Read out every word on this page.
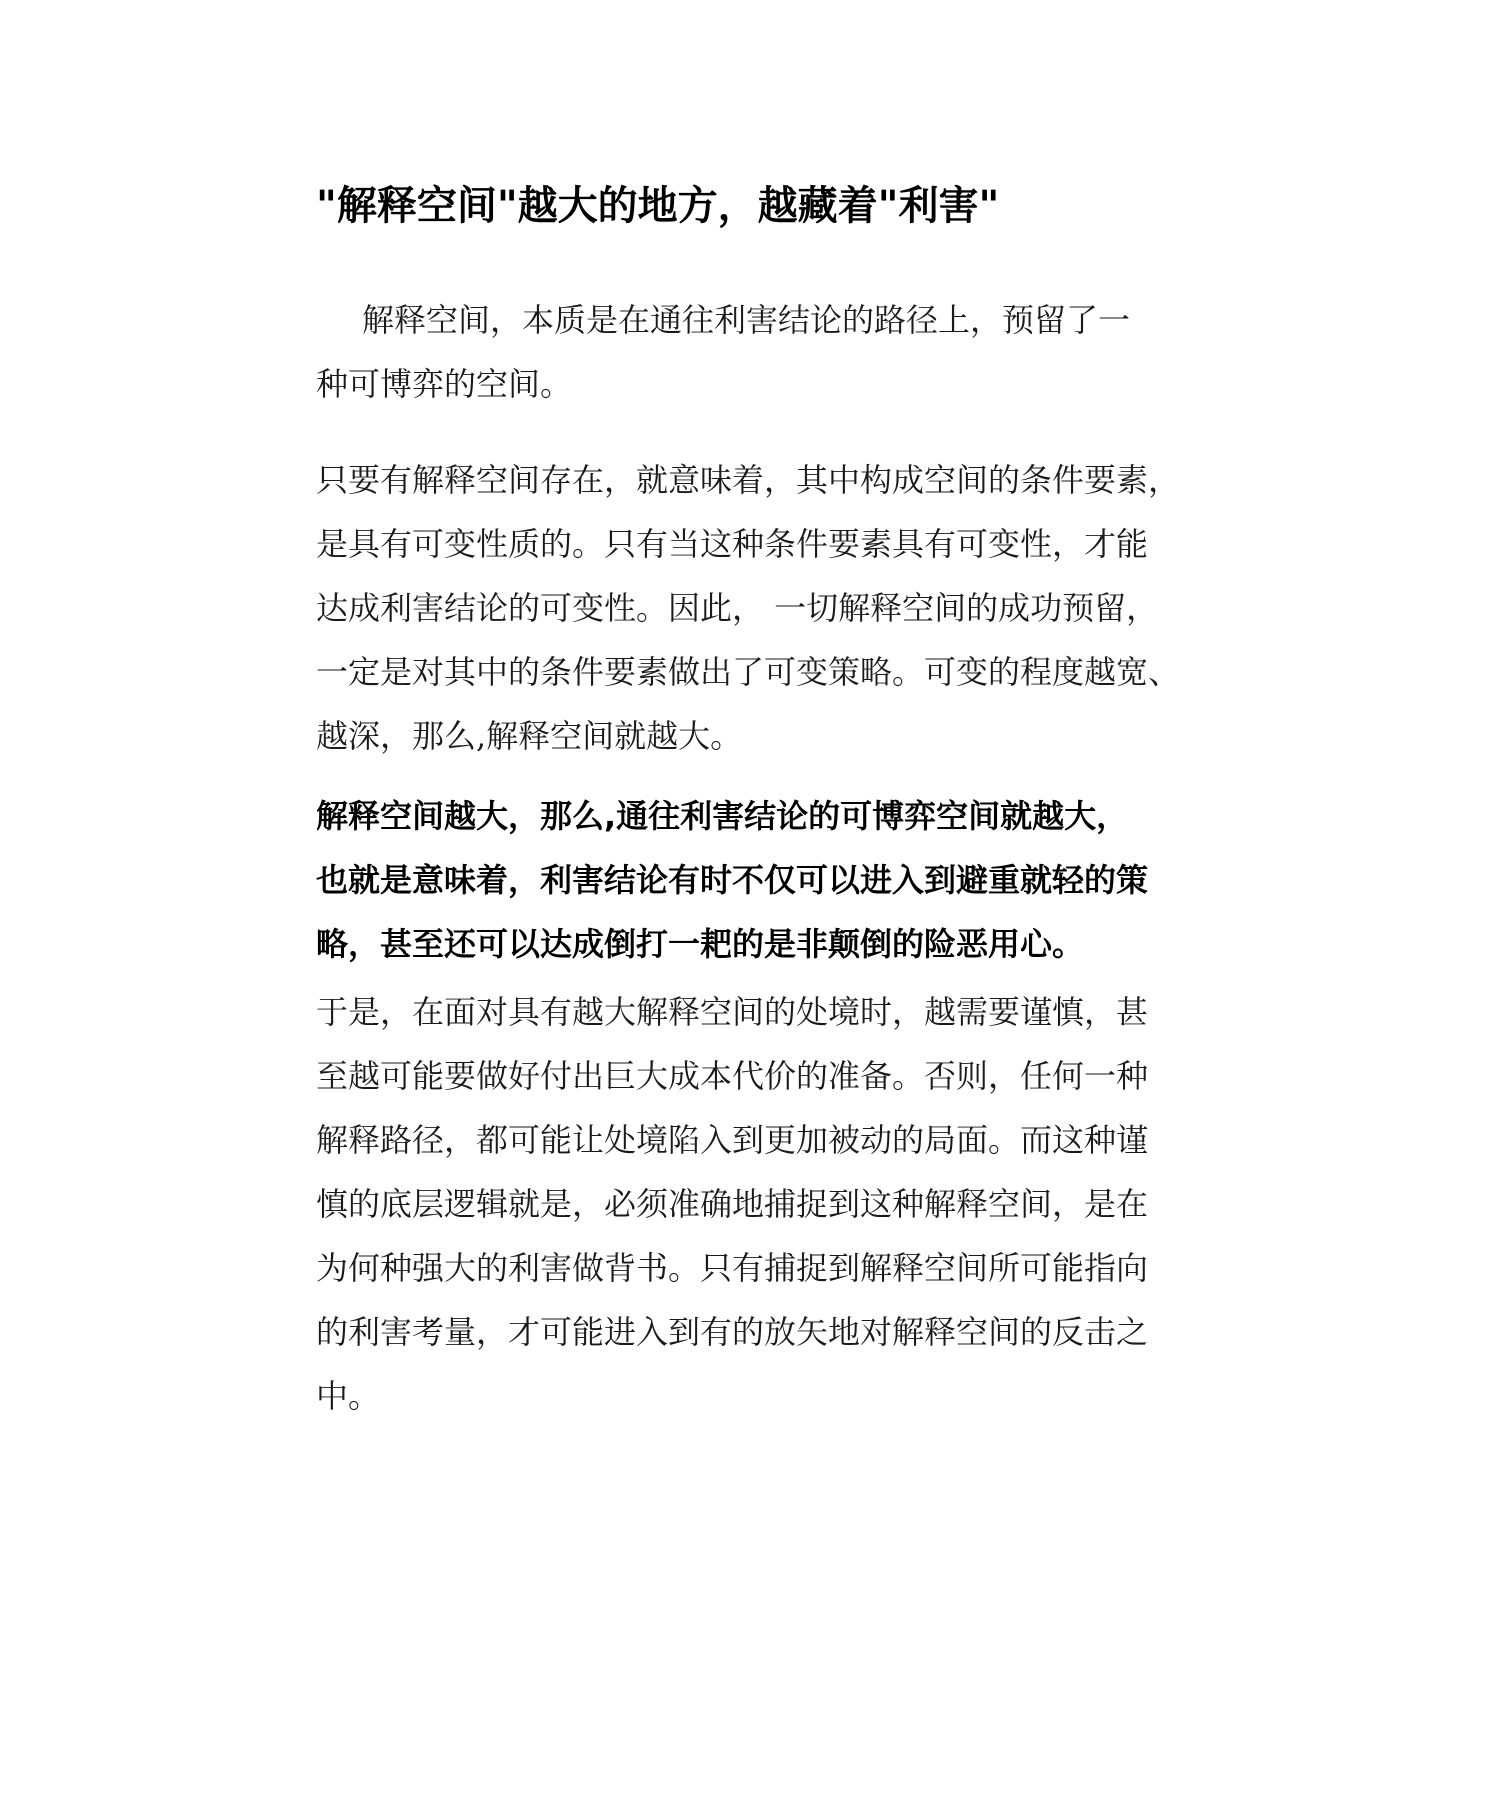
"解释空间"越大的地方，越藏着"利害"

解释空间，本质是在通往利害结论的路径上，预留了一
种可博弈的空间。

只要有解释空间存在，就意味着，其中构成空间的条件要素，
是具有可变性质的。只有当这种条件要素具有可变性，才能
达成利害结论的可变性。因此， 一切解释空间的成功预留，
一定是对其中的条件要素做出了可变策略。可变的程度越宽、
越深，那么,解释空间就越大。

解释空间越大，那么,通往利害结论的可博弈空间就越大，
也就是意味着，利害结论有时不仅可以进入到避重就轻的策
略，甚至还可以达成倒打一耙的是非颠倒的险恶用心。

于是，在面对具有越大解释空间的处境时，越需要谨慎，甚
至越可能要做好付出巨大成本代价的准备。否则，任何一种
解释路径，都可能让处境陷入到更加被动的局面。而这种谨
慎的底层逻辑就是，必须准确地捕捉到这种解释空间，是在
为何种强大的利害做背书。只有捕捉到解释空间所可能指向
的利害考量，才可能进入到有的放矢地对解释空间的反击之
中。
